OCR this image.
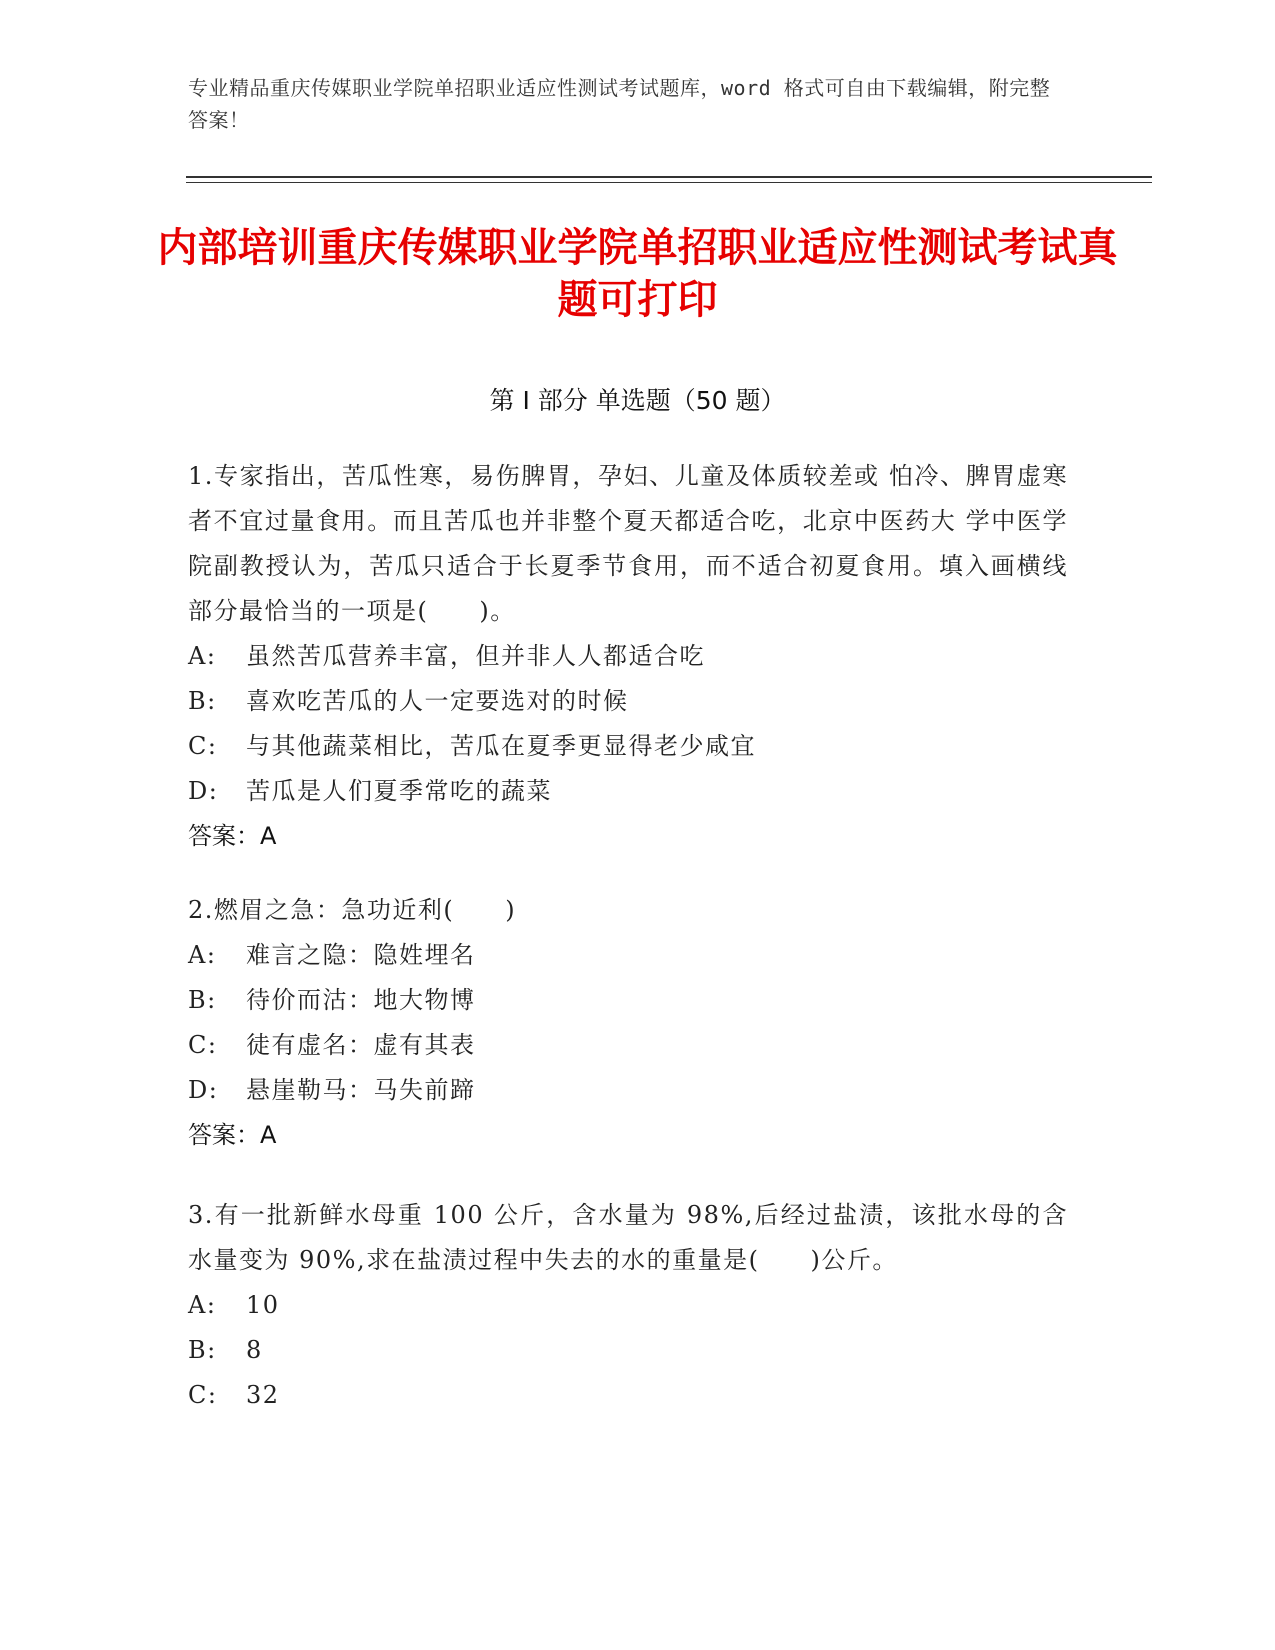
专业精品重庆传媒职业学院单招职业适应性测试考试题库，word 格式可自由下载编辑，附完整答案！
内部培训重庆传媒职业学院单招职业适应性测试考试真题可打印
第 I 部分 单选题（50 题）
1.专家指出，苦瓜性寒，易伤脾胃，孕妇、儿童及体质较差或 怕冷、脾胃虚寒者不宜过量食用。而且苦瓜也并非整个夏天都适合吃，北京中医药大 学中医学院副教授认为，苦瓜只适合于长夏季节食用，而不适合初夏食用。填入画横线部分最恰当的一项是(　　)。
A:	虽然苦瓜营养丰富，但并非人人都适合吃
B:	喜欢吃苦瓜的人一定要选对的时候
C:	与其他蔬菜相比，苦瓜在夏季更显得老少咸宜
D:	苦瓜是人们夏季常吃的蔬菜
答案：A
2.燃眉之急：急功近利(　　)
A:	难言之隐：隐姓埋名
B:	待价而沽：地大物博
C:	徒有虚名：虚有其表
D:	悬崖勒马：马失前蹄
答案：A
3.有一批新鲜水母重 100 公斤，含水量为 98%,后经过盐渍，该批水母的含水量变为 90%,求在盐渍过程中失去的水的重量是(　　)公斤。
A:	10
B:	8
C:	32
